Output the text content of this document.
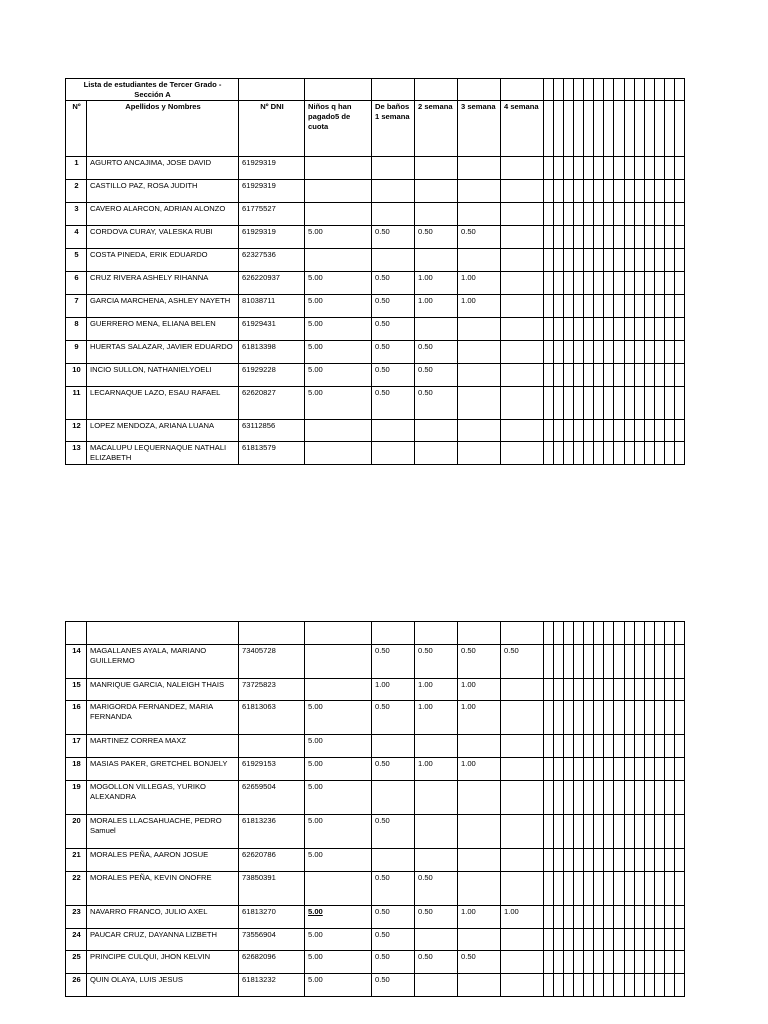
Lista de estudiantes de Tercer Grado - Sección A																					
Nº	Apellidos y Nombres	Nº DNI	Niños q han pagado5 de cuota	De baños 1 semana	2 semana	3 semana	4 semana														
1	AGURTO ANCAJIMA, JOSE DAVID	61929319																			
2	CASTILLO PAZ, ROSA JUDITH	61929319																			
3	CAVERO ALARCON, ADRIAN ALONZO	61775527																			
4	CORDOVA CURAY, VALESKA RUBI	61929319	5.00	0.50	0.50	0.50															
5	COSTA PINEDA, ERIK EDUARDO	62327536																			
6	CRUZ RIVERA ASHELY RIHANNA	626220937	5.00	0.50	1.00	1.00															
7	GARCIA MARCHENA, ASHLEY NAYETH	81038711	5.00	0.50	1.00	1.00															
8	GUERRERO MENA, ELIANA BELEN	61929431	5.00	0.50																	
9	HUERTAS SALAZAR, JAVIER EDUARDO	61813398	5.00	0.50	0.50																
10	INCIO SULLON, NATHANIELYOELI	61929228	5.00	0.50	0.50																
11	LECARNAQUE LAZO, ESAU RAFAEL	62620827	5.00	0.50	0.50																
12	LOPEZ MENDOZA, ARIANA LUANA	63112856																			
13	MACALUPU LEQUERNAQUE NATHALI ELIZABETH	61813579																			

14	MAGALLANES AYALA, MARIANO GUILLERMO	73405728		0.50	0.50	0.50	0.50														
15	MANRIQUE GARCIA, NALEIGH THAIS	73725823		1.00	1.00	1.00															
16	MARIGORDA FERNANDEZ, MARIA FERNANDA	61813063	5.00	0.50	1.00	1.00															
17	MARTINEZ CORREA MAXZ		5.00																		
18	MASIAS PAKER, GRETCHEL BONJELY	61929153	5.00	0.50	1.00	1.00															
19	MOGOLLON VILLEGAS, YURIKO ALEXANDRA	62659504	5.00																		
20	MORALES LLACSAHUACHE, PEDRO Samuel	61813236	5.00	0.50																	
21	MORALES PEÑA, AARON JOSUE	62620786	5.00																		
22	MORALES PEÑA, KEVIN ONOFRE	73850391		0.50	0.50																
23	NAVARRO FRANCO, JULIO AXEL	61813270	5.00	0.50	0.50	1.00	1.00														
24	PAUCAR CRUZ, DAYANNA LIZBETH	73556904	5.00	0.50																	
25	PRINCIPE CULQUI, JHON KELVIN	62682096	5.00	0.50	0.50	0.50															
26	QUIN OLAYA, LUIS JESUS	61813232	5.00	0.50																	
